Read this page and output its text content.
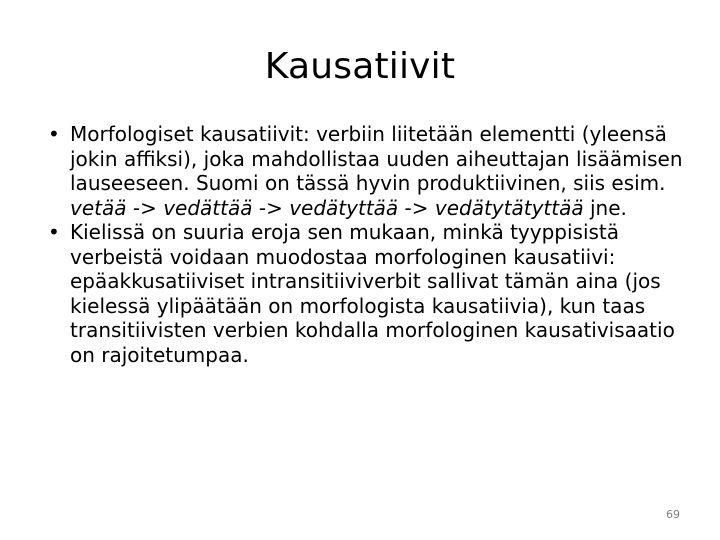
Kausatiivit
• Morfologiset kausatiivit: verbiin liitetään elementti (yleensä jokin affiksi), joka mahdollistaa uuden aiheuttajan lisäämisen lauseeseen. Suomi on tässä hyvin produktiivinen, siis esim. vetää -> vedättää -> vedätyttää -> vedätytätyttää jne.
• Kielissä on suuria eroja sen mukaan, minkä tyyppisistä verbeistä voidaan muodostaa morfologinen kausatiivi: epäakkusatiiviset intransitiiviverbit sallivat tämän aina (jos kielessä ylipäätään on morfologista kausatiivia), kun taas transitiivisten verbien kohdalla morfologinen kausativisaatio on rajoitetumpaa.
69
